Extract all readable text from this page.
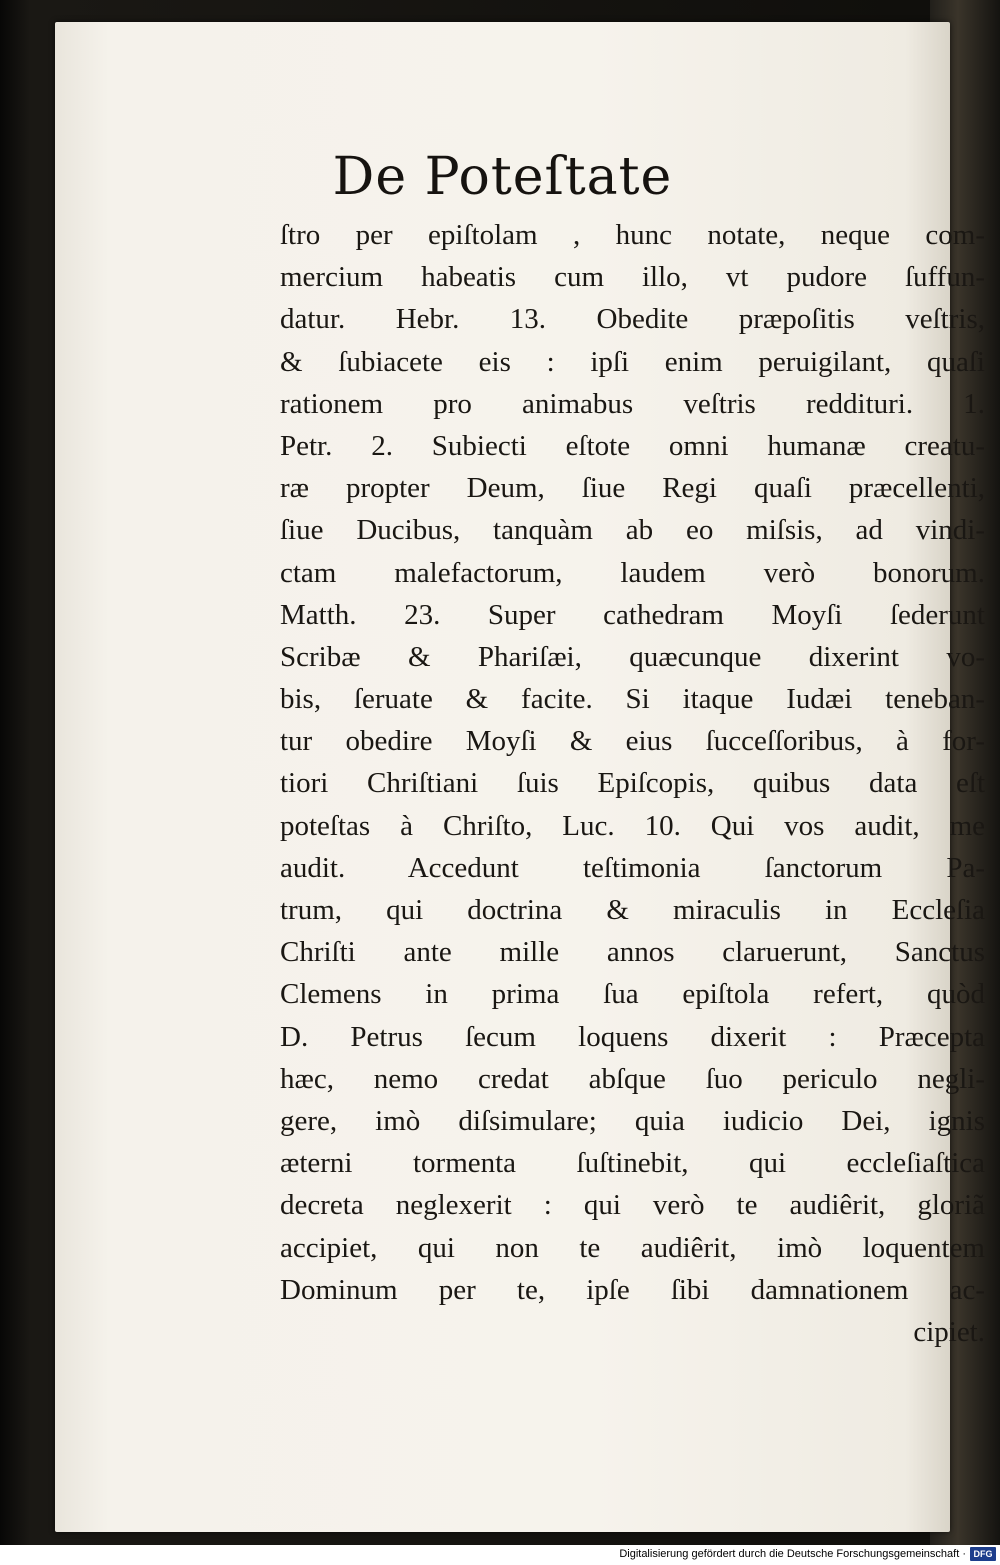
De Poteſtate
ſtro per epiſtolam , hunc notate, neque com-
mercium habeatis cum illo, vt pudore ſuffun-
datur. Hebr. 13. Obedite præpoſitis veſtris,
& ſubiacete eis : ipſi enim peruigilant, quaſi
rationem pro animabus veſtris reddituri. 1.
Petr. 2. Subiecti eſtote omni humanæ creatu-
ræ propter Deum, ſiue Regi quaſi præcellenti,
ſiue Ducibus, tanquàm ab eo miſsis, ad vindi-
ctam malefactorum, laudem verò bonorum.
Matth. 23. Super cathedram Moyſi ſederunt
Scribæ & Phariſæi, quæcunque dixerint vo-
bis, ſeruate & facite. Si itaque Iudæi teneban-
tur obedire Moyſi & eius ſucceſſoribus, à for-
tiori Chriſtiani ſuis Epiſcopis, quibus data eſt
poteſtas à Chriſto, Luc. 10. Qui vos audit, me
audit. Accedunt teſtimonia ſanctorum Pa-
trum, qui doctrina & miraculis in Eccleſia
Chriſti ante mille annos claruerunt, Sanctus
Clemens in prima ſua epiſtola refert, quòd
D. Petrus ſecum loquens dixerit : Præcepta
hæc, nemo credat abſque ſuo periculo negli-
gere, imò diſsimulare; quia iudicio Dei, ignis
æterni tormenta ſuſtinebit, qui eccleſiaſtica
decreta neglexerit : qui verò te audiêrit, gloriã
accipiet, qui non te audiêrit, imò loquentem
Dominum per te, ipſe ſibi damnationem ac-
cipiet.
Digitalisierung gefördert durch die Deutsche Forschungsgemeinschaft · DFG
